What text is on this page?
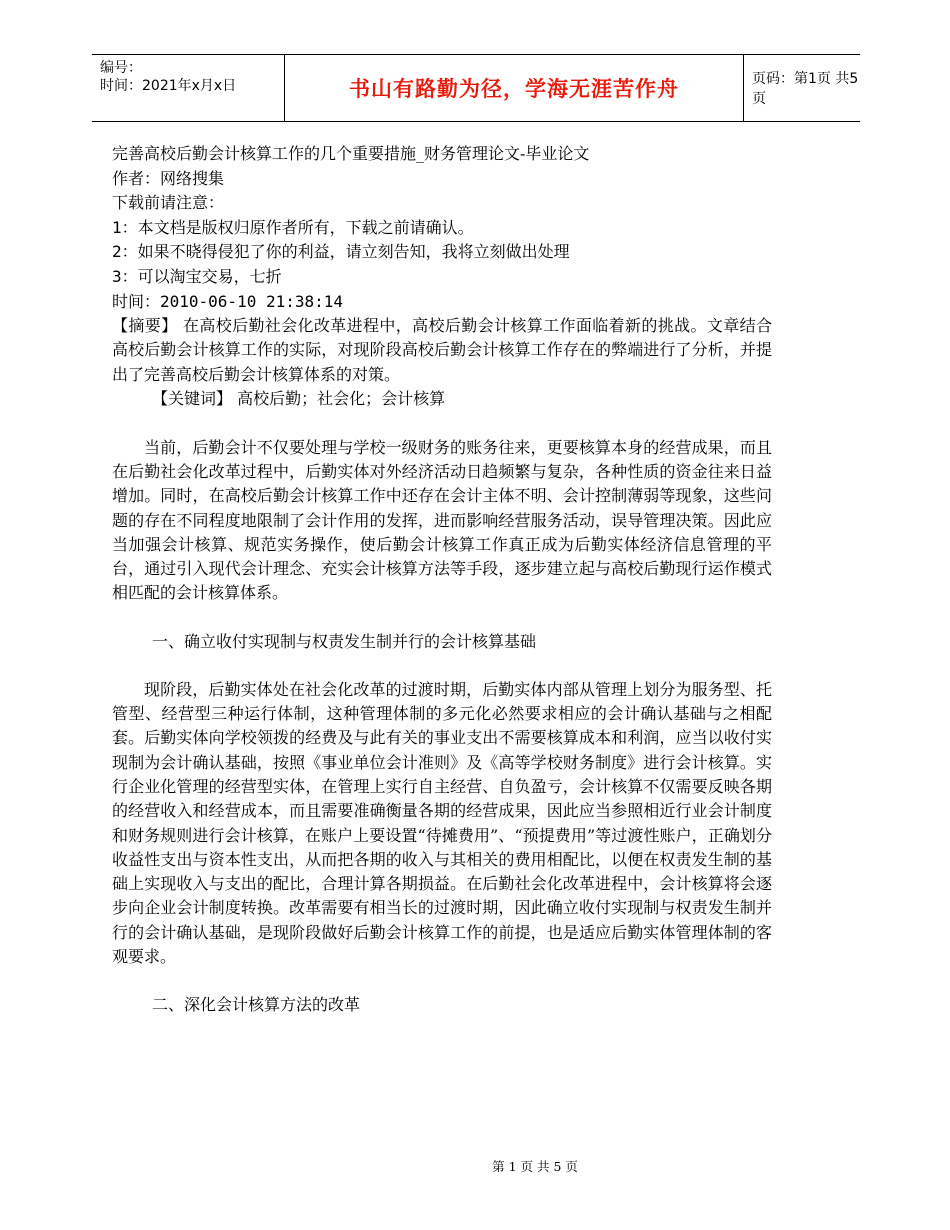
编号：
时间：2021年x月x日	书山有路勤为径，学海无涯苦作舟	页码：第1页 共5页
完善高校后勤会计核算工作的几个重要措施_财务管理论文-毕业论文
作者：网络搜集
下载前请注意：
1：本文档是版权归原作者所有，下载之前请确认。
2：如果不晓得侵犯了你的利益，请立刻告知，我将立刻做出处理
3：可以淘宝交易，七折
时间：2010-06-10 21:38:14
【摘要】 在高校后勤社会化改革进程中，高校后勤会计核算工作面临着新的挑战。文章结合高校后勤会计核算工作的实际，对现阶段高校后勤会计核算工作存在的弊端进行了分析，并提出了完善高校后勤会计核算体系的对策。
【关键词】 高校后勤；社会化；会计核算
当前，后勤会计不仅要处理与学校一级财务的账务往来，更要核算本身的经营成果，而且在后勤社会化改革过程中，后勤实体对外经济活动日趋频繁与复杂，各种性质的资金往来日益增加。同时，在高校后勤会计核算工作中还存在会计主体不明、会计控制薄弱等现象，这些问题的存在不同程度地限制了会计作用的发挥，进而影响经营服务活动，误导管理决策。因此应当加强会计核算、规范实务操作，使后勤会计核算工作真正成为后勤实体经济信息管理的平台，通过引入现代会计理念、充实会计核算方法等手段，逐步建立起与高校后勤现行运作模式相匹配的会计核算体系。
一、确立收付实现制与权责发生制并行的会计核算基础
现阶段，后勤实体处在社会化改革的过渡时期，后勤实体内部从管理上划分为服务型、托管型、经营型三种运行体制，这种管理体制的多元化必然要求相应的会计确认基础与之相配套。后勤实体向学校领拨的经费及与此有关的事业支出不需要核算成本和利润，应当以收付实现制为会计确认基础，按照《事业单位会计准则》及《高等学校财务制度》进行会计核算。实行企业化管理的经营型实体，在管理上实行自主经营、自负盈亏，会计核算不仅需要反映各期的经营收入和经营成本，而且需要准确衡量各期的经营成果，因此应当参照相近行业会计制度和财务规则进行会计核算，在账户上要设置“待摊费用”、“预提费用”等过渡性账户，正确划分收益性支出与资本性支出，从而把各期的收入与其相关的费用相配比，以便在权责发生制的基础上实现收入与支出的配比，合理计算各期损益。在后勤社会化改革进程中，会计核算将会逐步向企业会计制度转换。改革需要有相当长的过渡时期，因此确立收付实现制与权责发生制并行的会计确认基础，是现阶段做好后勤会计核算工作的前提，也是适应后勤实体管理体制的客观要求。
二、深化会计核算方法的改革
第 1 页 共 5 页
